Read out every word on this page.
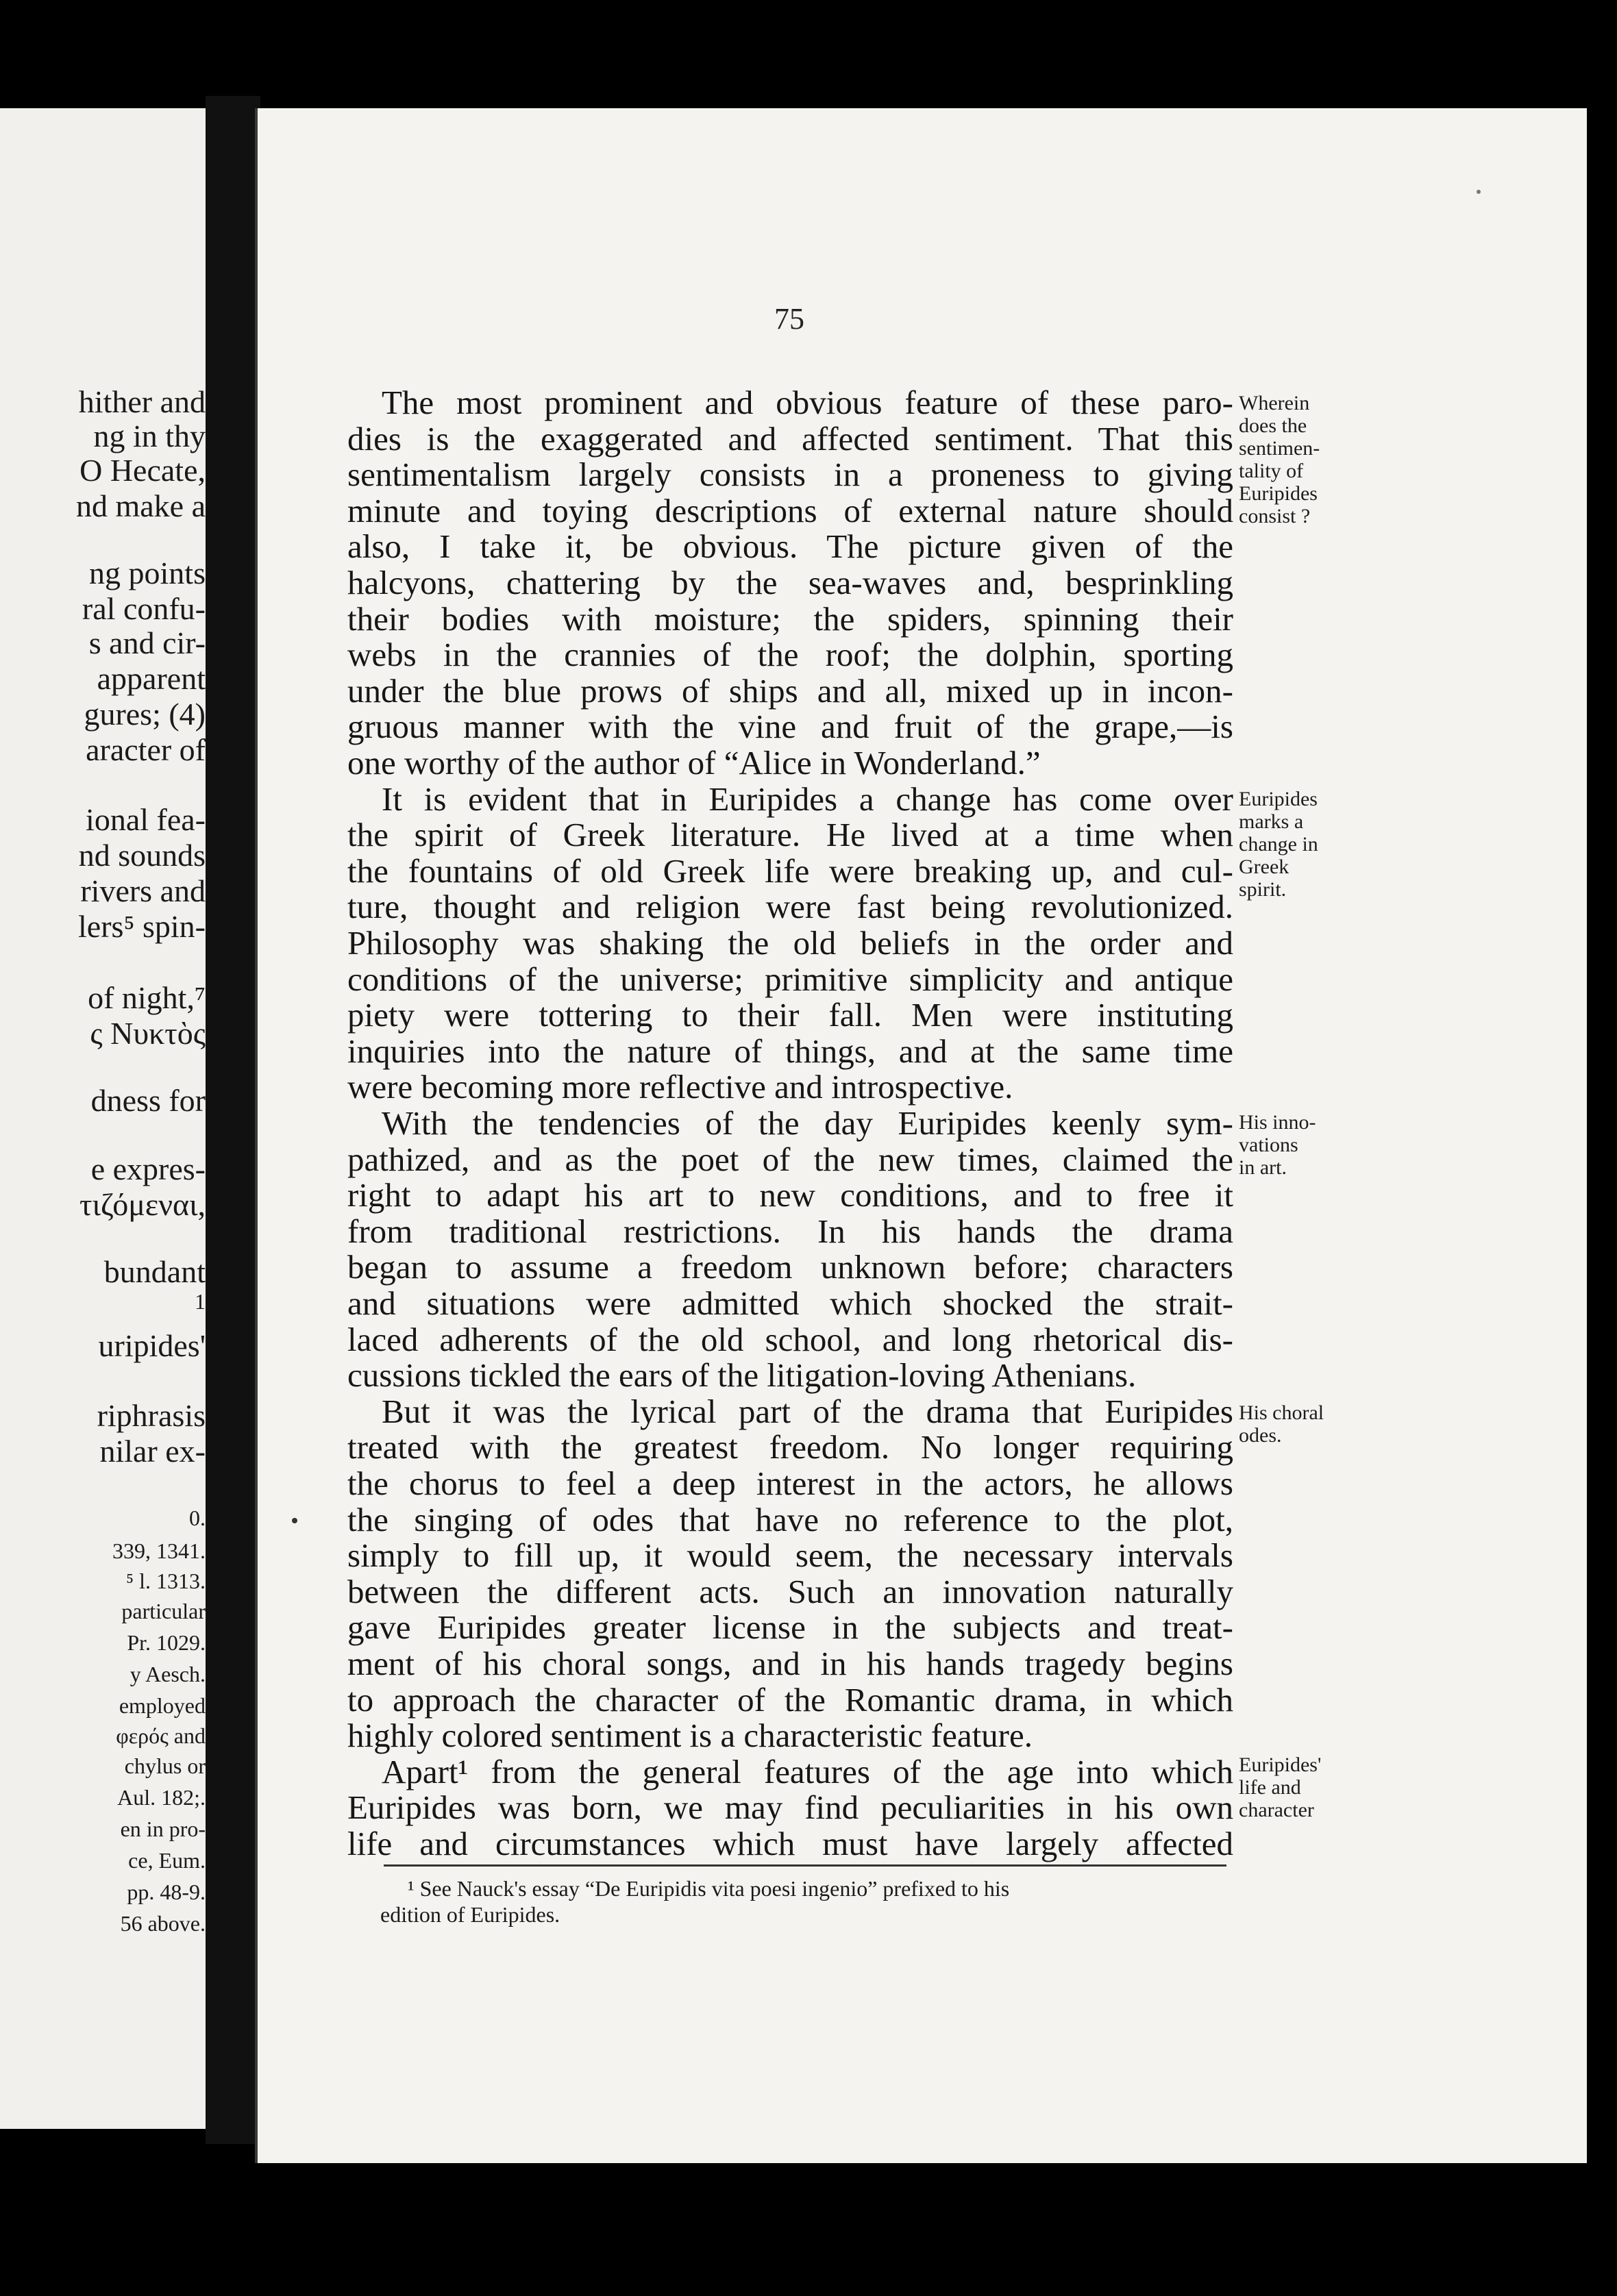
hither and
ng in thy
O Hecate,
nd make a
ng points
ral confu-
s and cir-
apparent
gures; (4)
aracter of
ional fea-
nd sounds
rivers and
lers⁵ spin-
of night,⁷
ς Νυκτὸς
dness for
e expres-
τιζόμεναι,
bundant
1
uripides'
riphrasis
nilar ex-
0.
339, 1341.
⁵ l. 1313.
particular
Pr. 1029.
y Aesch.
employed
φερός and
chylus or
Aul. 182;.
en in pro-
ce, Eum.
pp. 48-9.
56 above.
75
The most prominent and obvious feature of these paro-
dies is the exaggerated and affected sentiment. That this
sentimentalism largely consists in a proneness to giving
minute and toying descriptions of external nature should
also, I take it, be obvious. The picture given of the
halcyons, chattering by the sea-waves and, besprinkling
their bodies with moisture; the spiders, spinning their
webs in the crannies of the roof; the dolphin, sporting
under the blue prows of ships and all, mixed up in incon-
gruous manner with the vine and fruit of the grape,—is
one worthy of the author of “Alice in Wonderland.”
It is evident that in Euripides a change has come over
the spirit of Greek literature. He lived at a time when
the fountains of old Greek life were breaking up, and cul-
ture, thought and religion were fast being revolutionized.
Philosophy was shaking the old beliefs in the order and
conditions of the universe; primitive simplicity and antique
piety were tottering to their fall. Men were instituting
inquiries into the nature of things, and at the same time
were becoming more reflective and introspective.
With the tendencies of the day Euripides keenly sym-
pathized, and as the poet of the new times, claimed the
right to adapt his art to new conditions, and to free it
from traditional restrictions. In his hands the drama
began to assume a freedom unknown before; characters
and situations were admitted which shocked the strait-
laced adherents of the old school, and long rhetorical dis-
cussions tickled the ears of the litigation-loving Athenians.
But it was the lyrical part of the drama that Euripides
treated with the greatest freedom. No longer requiring
the chorus to feel a deep interest in the actors, he allows
the singing of odes that have no reference to the plot,
simply to fill up, it would seem, the necessary intervals
between the different acts. Such an innovation naturally
gave Euripides greater license in the subjects and treat-
ment of his choral songs, and in his hands tragedy begins
to approach the character of the Romantic drama, in which
highly colored sentiment is a characteristic feature.
Apart¹ from the general features of the age into which
Euripides was born, we may find peculiarities in his own
life and circumstances which must have largely affected
Wherein
does the
sentimen-
tality of
Euripides
consist ?
Euripides
marks a
change in
Greek
spirit.
His inno-
vations
in art.
His choral
odes.
Euripides'
life and
character
¹ See Nauck's essay “De Euripidis vita poesi ingenio” prefixed to his
edition of Euripides.
